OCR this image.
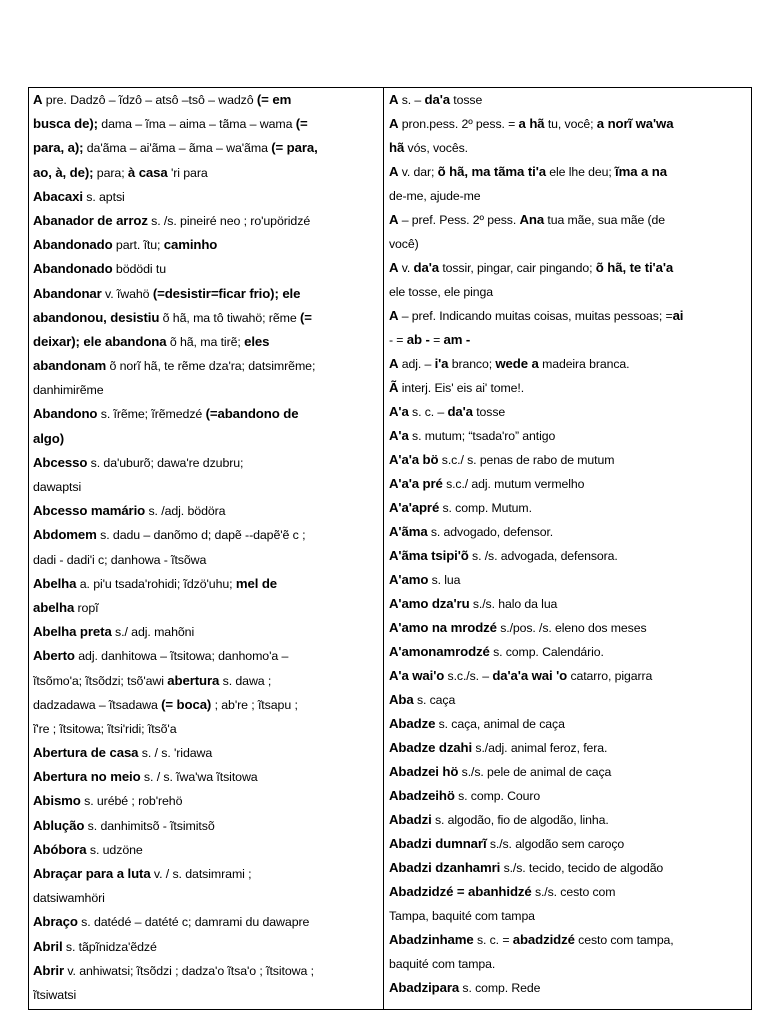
A pre. Dadzô – ĩdzô – atsô –tsô – wadzô (= em
busca de); dama – ĩma – aima – tãma – wama (=
para, a); da'ãma – ai'ãma – ãma – wa'ãma (= para,
ao, à, de); para; à casa 'ri para
Abacaxi s. aptsi
Abanador de arroz s. /s. pineiré neo ; ro'upöridzé
Abandonado part. ĩtu; caminho
Abandonado bödödi tu
Abandonar v. ĩwahö (=desistir=ficar frio); ele
abandonou, desistiu õ hã, ma tô tiwahö; rẽme (=
deixar); ele abandona õ hã, ma tirẽ; eles
abandonam õ norĩ hã, te rẽme dza'ra; datsimrẽme;
danhimirẽme
Abandono s. ĩrẽme; ĩrẽmedzé (=abandono de
algo)
Abcesso s. da'uburõ; dawa're dzubru;
dawaptsi
Abcesso mamário s. /adj. bödöra
Abdomem s. dadu – danõmo d; dapẽ --dapẽ'ẽ c ;
dadi - dadi'i c; danhowa - ĩtsõwa
Abelha a. pi'u tsada'rohidi; ĩdzö'uhu; mel de
abelha ropĩ
Abelha preta s./ adj. mahõni
Aberto adj. danhitowa – ĩtsitowa; danhomo'a –
ĩtsõmo'a; ĩtsõdzi; tsõ'awi abertura s. dawa ;
dadzadawa – ĩtsadawa (= boca) ; ab're ; ĩtsapu ;
ĩ're ; ĩtsitowa; ĩtsi'ridi; ĩtsõ'a
Abertura de casa s. / s. 'ridawa
Abertura no meio s. / s. ĩwa'wa ĩtsitowa
Abismo s. urébé ; rob'rehö
Ablução s. danhimitsõ - ĩtsimitsõ
Abóbora s. udzöne
Abraçar para a luta v. / s. datsimrami ;
datsiwamhöri
Abraço s. datédé – datété c; damrami du dawapre
Abril s. tãpĩnidza'ẽdzé
Abrir v. anhiwatsi; ĩtsõdzi ; dadza'o ĩtsa'o ; ĩtsitowa ;
ĩtsiwatsi
A s. – da'a tosse
A pron.pess. 2º pess. = a hã tu, você; a norĩ wa'wa
hã vós, vocês.
A v. dar; õ hã, ma tãma ti'a ele lhe deu; ĩma a na
de-me, ajude-me
A – pref. Pess. 2º pess. Ana tua mãe, sua mãe (de
você)
A v. da'a tossir, pingar, cair pingando; õ hã, te ti'a'a
ele tosse, ele pinga
A – pref. Indicando muitas coisas, muitas pessoas; =ai
- = ab - = am -
A adj. – i'a branco; wede a madeira branca.
Ã interj. Eis' eis ai' tome!.
A'a s. c. – da'a tosse
A'a s. mutum; “tsada'ro” antigo
A'a'a bö s.c./ s. penas de rabo de mutum
A'a'a pré s.c./ adj. mutum vermelho
A'a'apré s. comp. Mutum.
A'ãma s. advogado, defensor.
A'ãma tsipi'õ s. /s. advogada, defensora.
A'amo s. lua
A'amo dza'ru s./s. halo da lua
A'amo na mrodzé s./pos. /s. eleno dos meses
A'amonamrodzé s. comp. Calendário.
A'a wai'o s.c./s. – da'a'a wai 'o catarro, pigarra
Aba s. caça
Abadze s. caça, animal de caça
Abadze dzahi s./adj. animal feroz, fera.
Abadzei hö s./s. pele de animal de caça
Abadzeihö s. comp. Couro
Abadzi s. algodão, fio de algodão, linha.
Abadzi dumnarĩ s./s. algodão sem caroço
Abadzi dzanhamri s./s. tecido, tecido de algodão
Abadzidzé = abanhidzé s./s. cesto com
Tampa, baquité com tampa
Abadzinhame s. c. = abadzidzé cesto com tampa,
baquité com tampa.
Abadzipara s. comp. Rede
